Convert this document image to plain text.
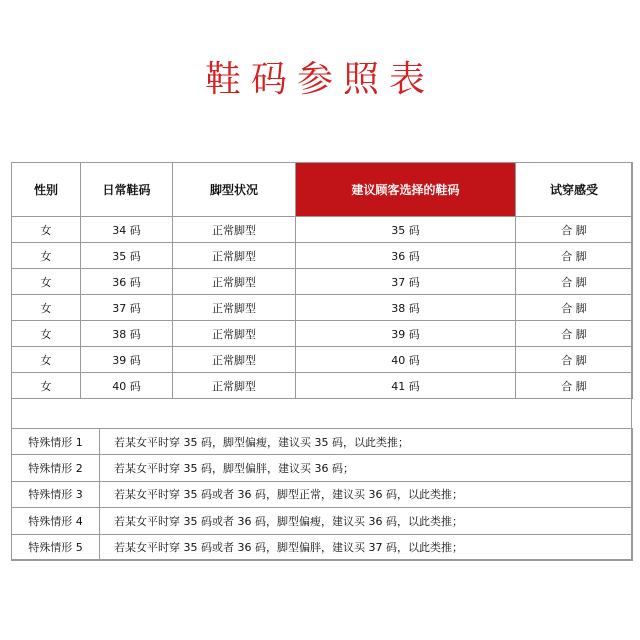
鞋码参照表
性别	日常鞋码	脚型状况	建议顾客选择的鞋码	试穿感受
女	34 码	正常脚型	35 码	合 脚
女	35 码	正常脚型	36 码	合 脚
女	36 码	正常脚型	37 码	合 脚
女	37 码	正常脚型	38 码	合 脚
女	38 码	正常脚型	39 码	合 脚
女	39 码	正常脚型	40 码	合 脚
女	40 码	正常脚型	41 码	合 脚
特殊情形 1	若某女平时穿 35 码，脚型偏瘦，建议买 35 码，以此类推；
特殊情形 2	若某女平时穿 35 码，脚型偏胖，建议买 36 码；
特殊情形 3	若某女平时穿 35 码或者 36 码，脚型正常，建议买 36 码，以此类推；
特殊情形 4	若某女平时穿 35 码或者 36 码，脚型偏瘦，建议买 36 码，以此类推；
特殊情形 5	若某女平时穿 35 码或者 36 码，脚型偏胖，建议买 37 码，以此类推；
